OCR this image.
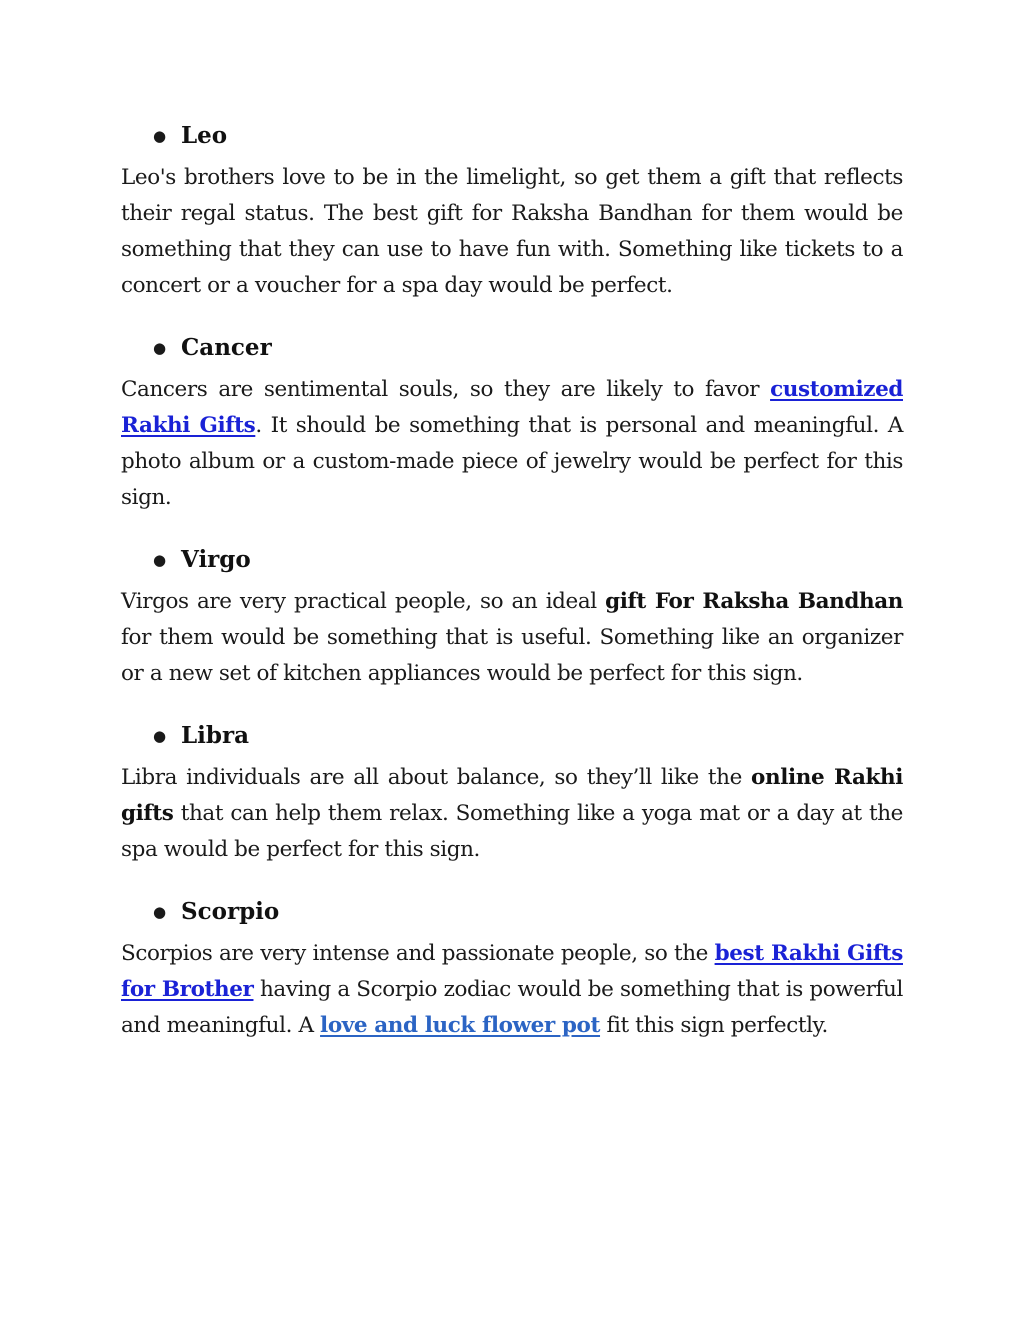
● Leo

Leo's brothers love to be in the limelight, so get them a gift that reflects their regal status. The best gift for Raksha Bandhan for them would be something that they can use to have fun with. Something like tickets to a concert or a voucher for a spa day would be perfect.

● Cancer

Cancers are sentimental souls, so they are likely to favor customized Rakhi Gifts. It should be something that is personal and meaningful. A photo album or a custom-made piece of jewelry would be perfect for this sign.

● Virgo

Virgos are very practical people, so an ideal gift For Raksha Bandhan for them would be something that is useful. Something like an organizer or a new set of kitchen appliances would be perfect for this sign.

● Libra

Libra individuals are all about balance, so they’ll like the online Rakhi gifts that can help them relax. Something like a yoga mat or a day at the spa would be perfect for this sign.

● Scorpio

Scorpios are very intense and passionate people, so the best Rakhi Gifts for Brother having a Scorpio zodiac would be something that is powerful and meaningful. A love and luck flower pot fit this sign perfectly.
